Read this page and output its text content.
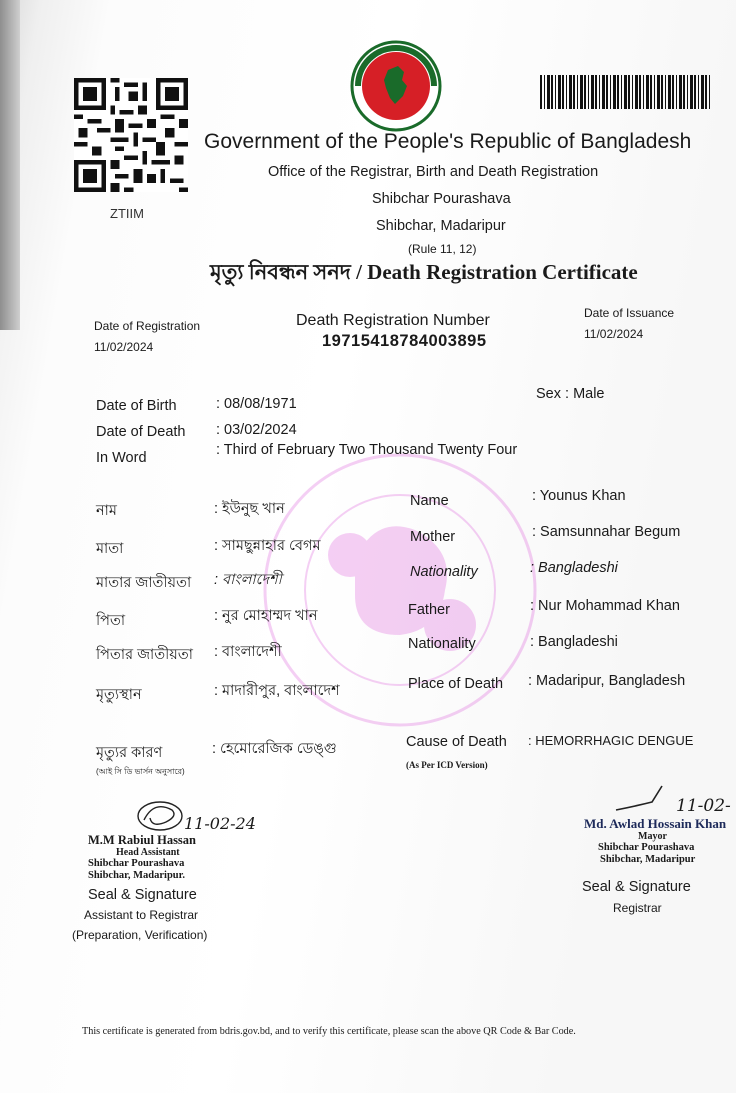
ZTIIM
Government of the People's Republic of Bangladesh
Office of the Registrar, Birth and Death Registration
Shibchar Pourashava
Shibchar, Madaripur
(Rule 11, 12)
মৃত্যু নিবন্ধন সনদ / Death Registration Certificate
Date of Registration
11/02/2024
Death Registration Number
19715418784003895
Date of Issuance
11/02/2024
Date of Birth	: 08/08/1971
Date of Death : 03/02/2024
In Word	: Third of February Two Thousand Twenty Four
Sex : Male
নাম	: ইউনুছ খান
মাতা	: সামছুন্নাহার বেগম
মাতার জাতীয়তা : বাংলাদেশী
পিতা	: নুর মোহাম্মদ খান
পিতার জাতীয়তা : বাংলাদেশী
মৃত্যুস্থান	: মাদারীপুর, বাংলাদেশ
মৃত্যুর কারণ	: হেমোরেজিক ডেঙ্গু
(আই সি ডি ভার্সন অনুসারে)
Name	: Younus Khan
Mother	: Samsunnahar Begum
Nationality	: Bangladeshi
Father	: Nur Mohammad Khan
Nationality	: Bangladeshi
Place of Death : Madaripur, Bangladesh
Cause of Death : HEMORRHAGIC DENGUE
(As Per ICD Version)
11-02-24
M.M Rabiul Hassan
Head Assistant
Shibchar Pourashava
Shibchar, Madaripur.
Seal & Signature
Assistant to Registrar
(Preparation, Verification)
11-02-
Md. Awlad Hossain Khan
Mayor
Shibchar Pourashava
Shibchar, Madaripur
Seal & Signature
Registrar
This certificate is generated from bdris.gov.bd, and to verify this certificate, please scan the above QR Code & Bar Code.
